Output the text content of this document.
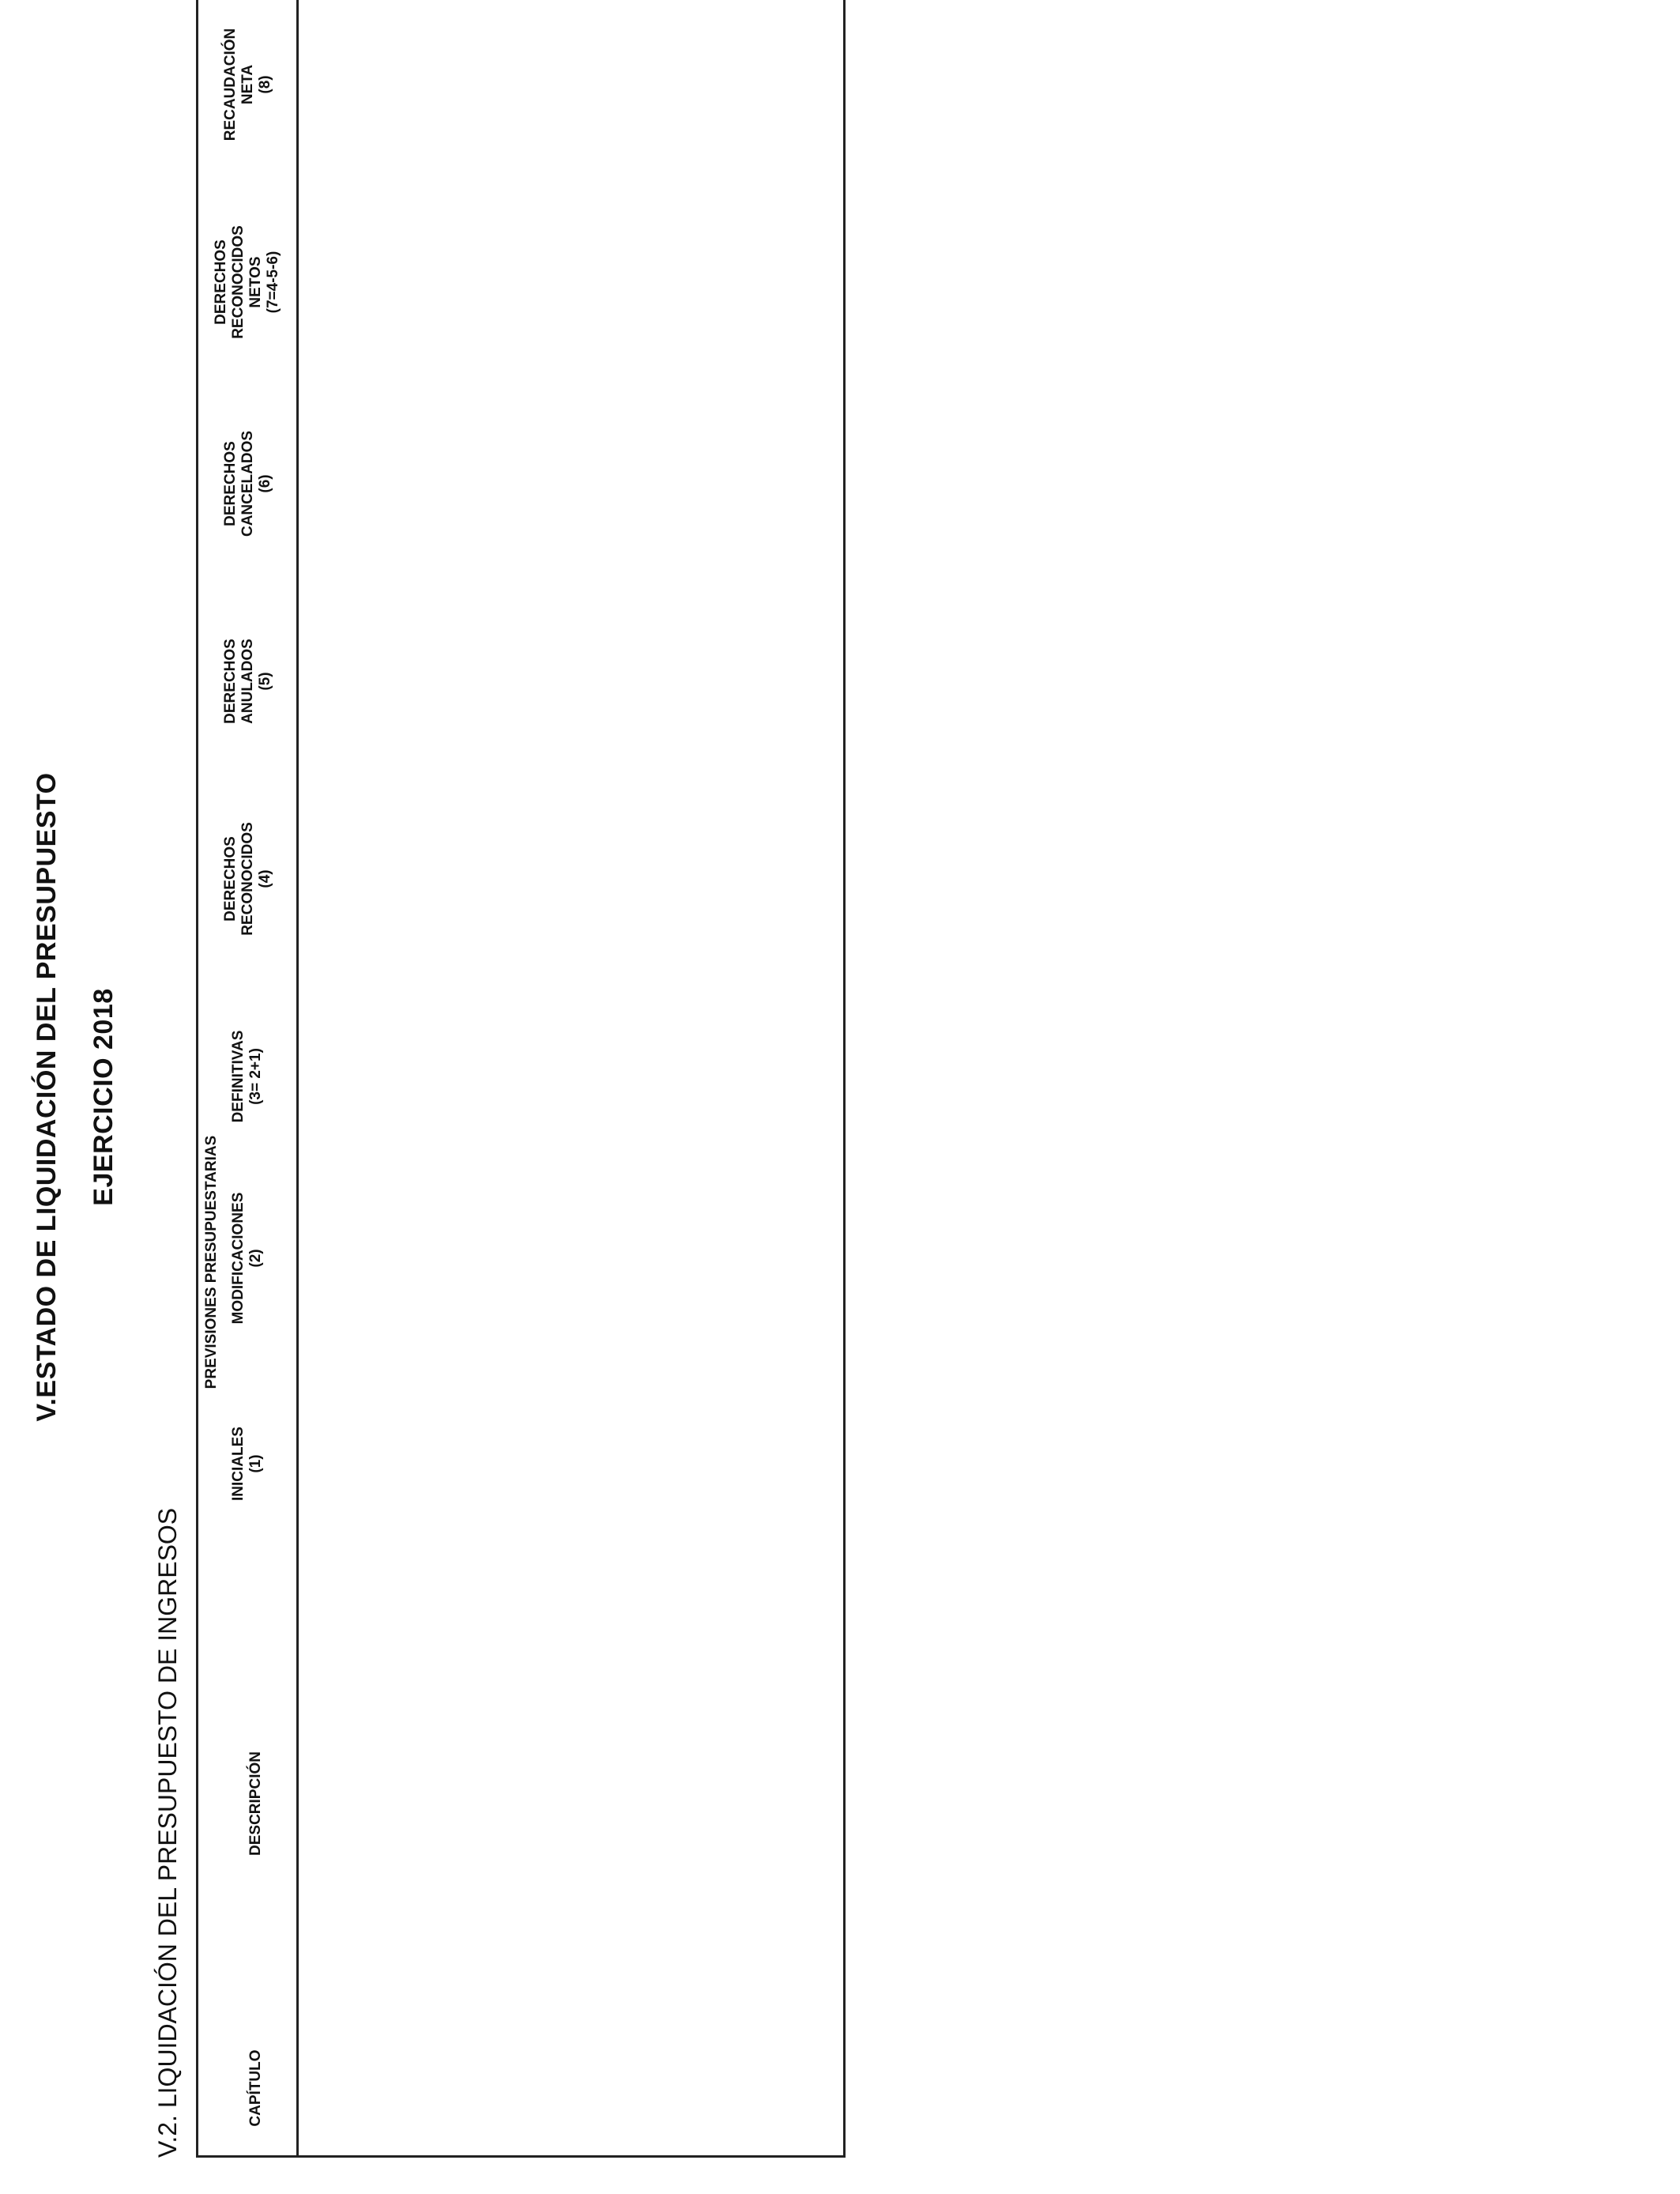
V.ESTADO DE LIQUIDACIÓN DEL PRESUPUESTO EJERCICIO 2018
V.2. LIQUIDACIÓN DEL PRESUPUESTO DE INGRESOS	CAPÍTULO
DESCRIPCIÓN
PREVISIONES PRESUPUESTARIAS
INICIALES (1)
MODIFICACIONES (2)
DEFINITIVAS (3= 2+1)
DERECHOS RECONOCIDOS (4)
DERECHOS ANULADOS (5)
DERECHOS CANCELADOS (6)
DERECHOS RECONOCIDOS NETOS (7=4-5-6)
RECAUDACIÓN NETA (8)
